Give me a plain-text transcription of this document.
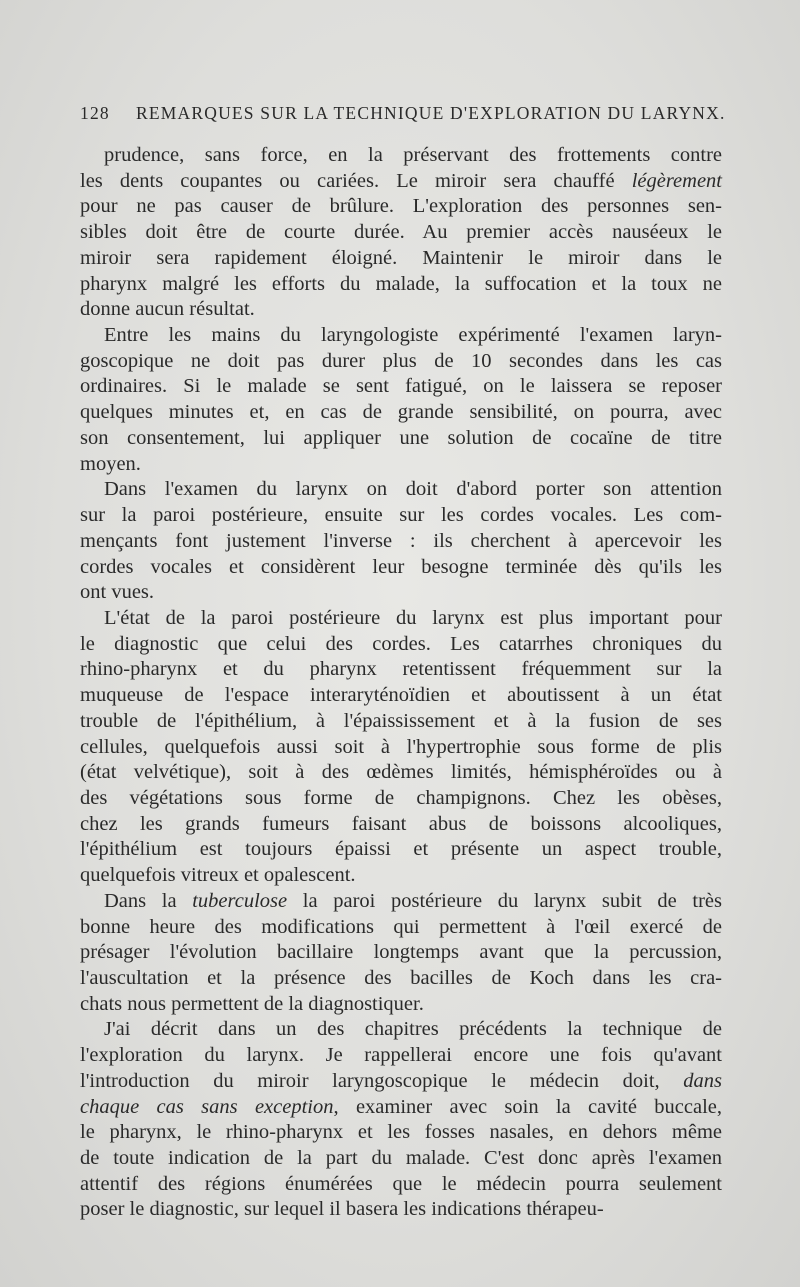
128 REMARQUES SUR LA TECHNIQUE D'EXPLORATION DU LARYNX.
prudence, sans force, en la préservant des frottements contre
les dents coupantes ou cariées. Le miroir sera chauffé légèrement
pour ne pas causer de brûlure. L'exploration des personnes sen-
sibles doit être de courte durée. Au premier accès nauséeux le
miroir sera rapidement éloigné. Maintenir le miroir dans le
pharynx malgré les efforts du malade, la suffocation et la toux ne
donne aucun résultat.
Entre les mains du laryngologiste expérimenté l'examen laryn-
goscopique ne doit pas durer plus de 10 secondes dans les cas
ordinaires. Si le malade se sent fatigué, on le laissera se reposer
quelques minutes et, en cas de grande sensibilité, on pourra, avec
son consentement, lui appliquer une solution de cocaïne de titre
moyen.
Dans l'examen du larynx on doit d'abord porter son attention
sur la paroi postérieure, ensuite sur les cordes vocales. Les com-
mençants font justement l'inverse : ils cherchent à apercevoir les
cordes vocales et considèrent leur besogne terminée dès qu'ils les
ont vues.
L'état de la paroi postérieure du larynx est plus important pour
le diagnostic que celui des cordes. Les catarrhes chroniques du
rhino-pharynx et du pharynx retentissent fréquemment sur la
muqueuse de l'espace interaryténoïdien et aboutissent à un état
trouble de l'épithélium, à l'épaississement et à la fusion de ses
cellules, quelquefois aussi soit à l'hypertrophie sous forme de plis
(état velvétique), soit à des œdèmes limités, hémisphéroïdes ou à
des végétations sous forme de champignons. Chez les obèses,
chez les grands fumeurs faisant abus de boissons alcooliques,
l'épithélium est toujours épaissi et présente un aspect trouble,
quelquefois vitreux et opalescent.
Dans la tuberculose la paroi postérieure du larynx subit de très
bonne heure des modifications qui permettent à l'œil exercé de
présager l'évolution bacillaire longtemps avant que la percussion,
l'auscultation et la présence des bacilles de Koch dans les cra-
chats nous permettent de la diagnostiquer.
J'ai décrit dans un des chapitres précédents la technique de
l'exploration du larynx. Je rappellerai encore une fois qu'avant
l'introduction du miroir laryngoscopique le médecin doit, dans
chaque cas sans exception, examiner avec soin la cavité buccale,
le pharynx, le rhino-pharynx et les fosses nasales, en dehors même
de toute indication de la part du malade. C'est donc après l'examen
attentif des régions énumérées que le médecin pourra seulement
poser le diagnostic, sur lequel il basera les indications thérapeu-
